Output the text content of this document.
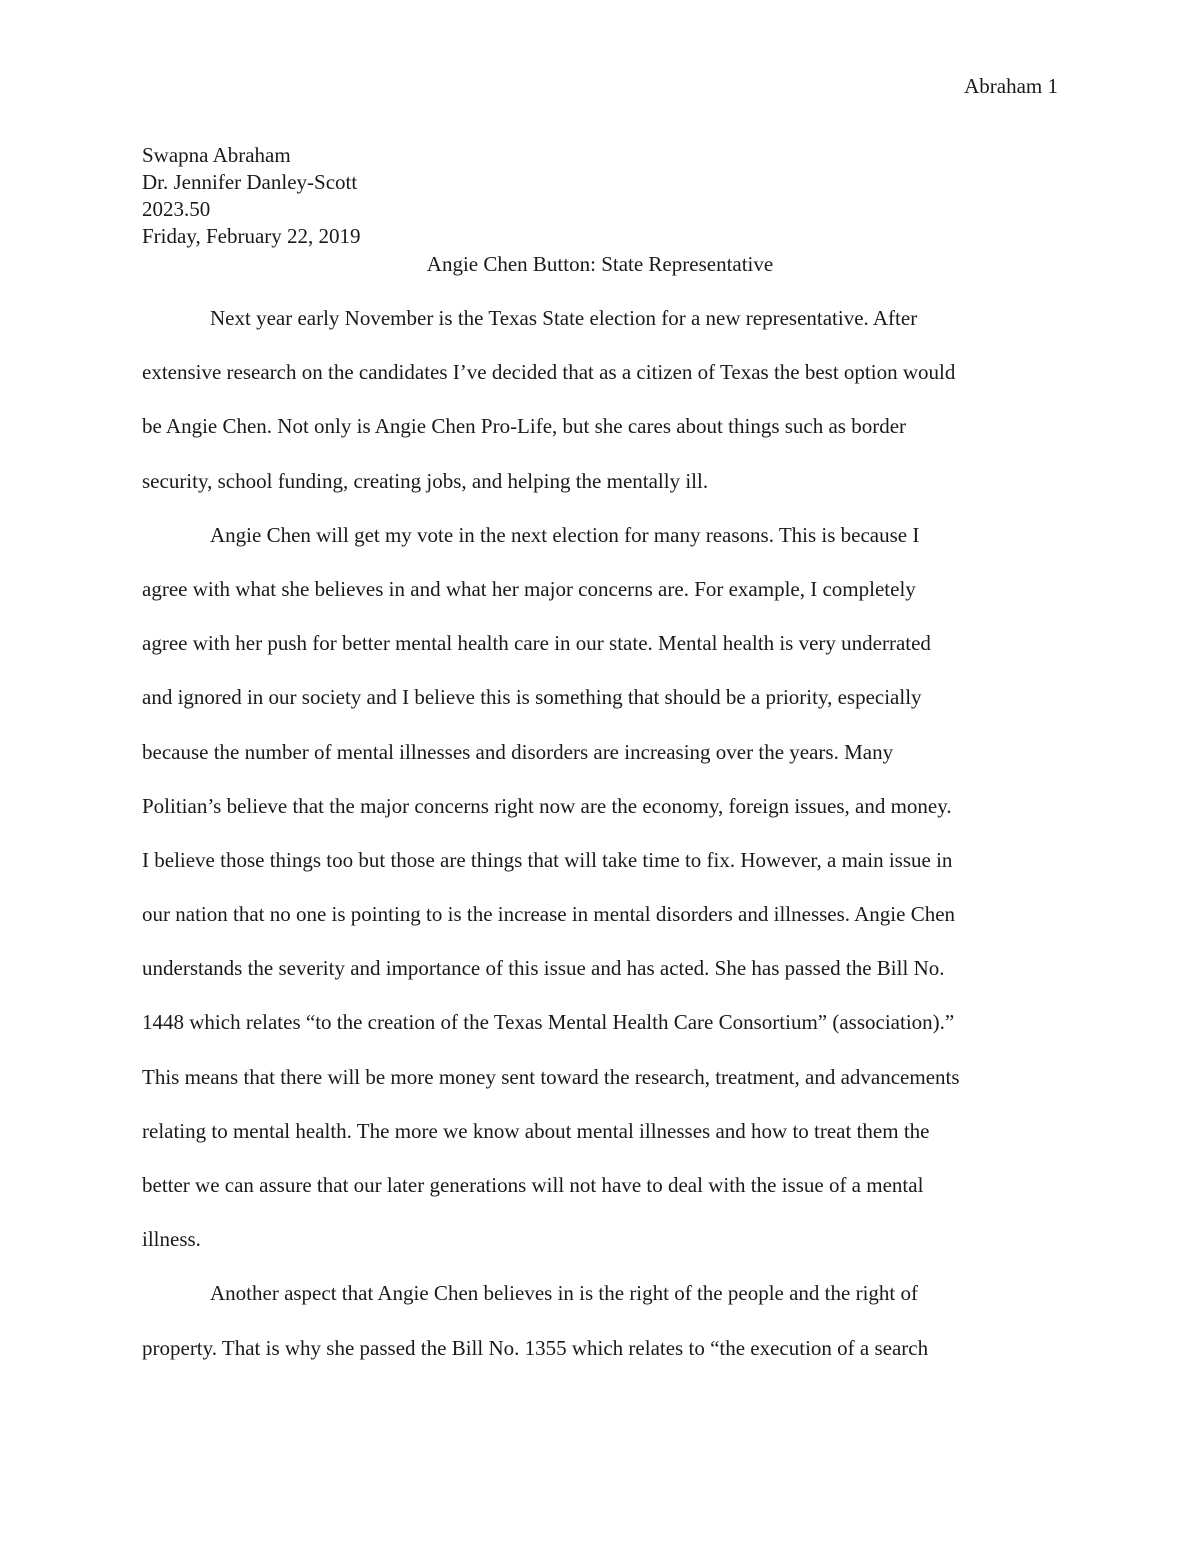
Abraham 1
Swapna Abraham
Dr. Jennifer Danley-Scott
2023.50
Friday, February 22, 2019
Angie Chen Button: State Representative
Next year early November is the Texas State election for a new representative. After
extensive research on the candidates I’ve decided that as a citizen of Texas the best option would
be Angie Chen. Not only is Angie Chen Pro-Life, but she cares about things such as border
security, school funding, creating jobs, and helping the mentally ill.
Angie Chen will get my vote in the next election for many reasons. This is because I
agree with what she believes in and what her major concerns are. For example, I completely
agree with her push for better mental health care in our state. Mental health is very underrated
and ignored in our society and I believe this is something that should be a priority, especially
because the number of mental illnesses and disorders are increasing over the years. Many
Politian’s believe that the major concerns right now are the economy, foreign issues, and money.
I believe those things too but those are things that will take time to fix. However, a main issue in
our nation that no one is pointing to is the increase in mental disorders and illnesses. Angie Chen
understands the severity and importance of this issue and has acted. She has passed the Bill No.
1448 which relates “to the creation of the Texas Mental Health Care Consortium” (association).”
This means that there will be more money sent toward the research, treatment, and advancements
relating to mental health. The more we know about mental illnesses and how to treat them the
better we can assure that our later generations will not have to deal with the issue of a mental
illness.
Another aspect that Angie Chen believes in is the right of the people and the right of
property. That is why she passed the Bill No. 1355 which relates to “the execution of a search
